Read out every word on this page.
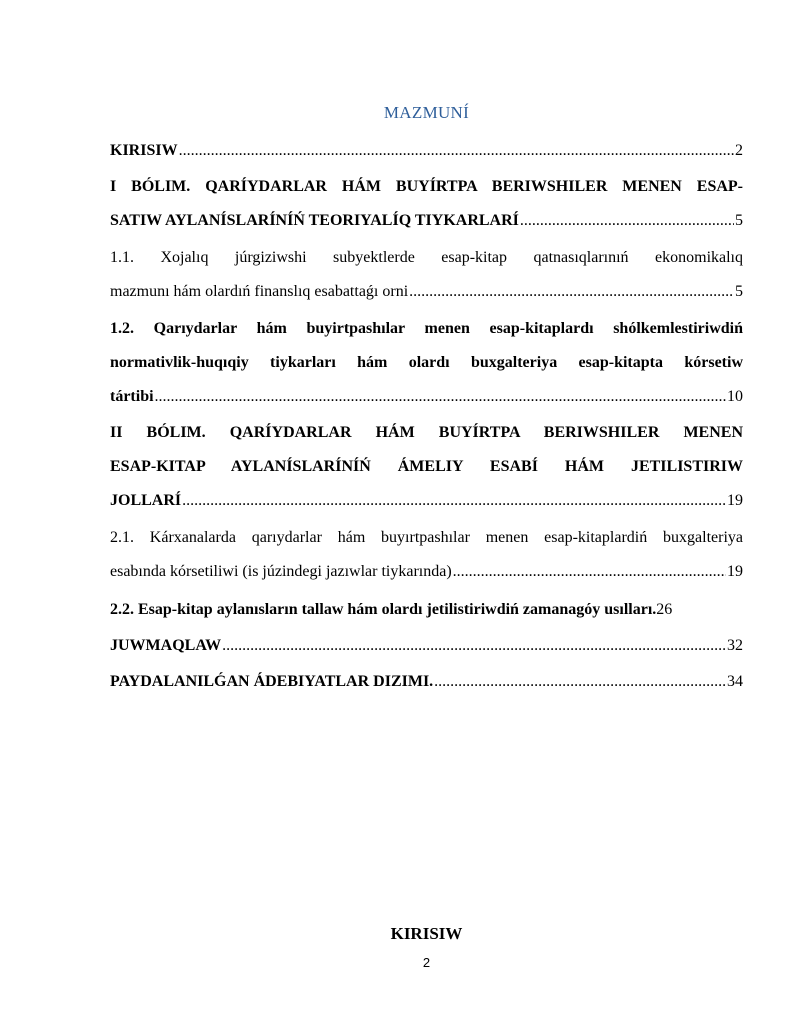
MAZMUNÍ
KIRISIW .....	2
I BÓLIM. QARÍYDARLAR HÁM BUYÍRTPA BERIWSHILER MENEN ESAP-
SATIW AYLANÍSLARÍNÍŃ TEORIYALÍQ TIYKARLARÍ .....	5
1.1. Xojalıq júrgiziwshi subyektlerde esap-kitap qatnasıqlarınıń ekonomikalıq
mazmunı hám olardıń finanslıq esabattaǵı orni .....	5
1.2. Qarıydarlar hám buyirtpashılar menen esap-kitaplardı shólkemlestiriwdiń
normativlik-huqıqiy tiykarları hám olardı buxgalteriya esap-kitapta kórsetiw
tártibi .....	10
II BÓLIM. QARÍYDARLAR HÁM BUYÍRTPA BERIWSHILER MENEN
ESAP-KITAP AYLANÍSLARÍNÍŃ ÁMELIY ESABÍ HÁM JETILISTIRIW
JOLLARÍ .....	19
2.1. Kárxanalarda qarıydarlar hám buyırtpashılar menen esap-kitaplardiń buxgalteriya
esabında kórsetiliwi (is júzindegi jazıwlar tiykarında) .....	19
2.2. Esap-kitap aylanısların tallaw hám olardı jetilistiriwdiń zamanagóy usılları. 26
JUWMAQLAW .....	32
PAYDALANILǴAN ÁDEBIYATLAR DIZIMI. .....	34
KIRISIW
2
